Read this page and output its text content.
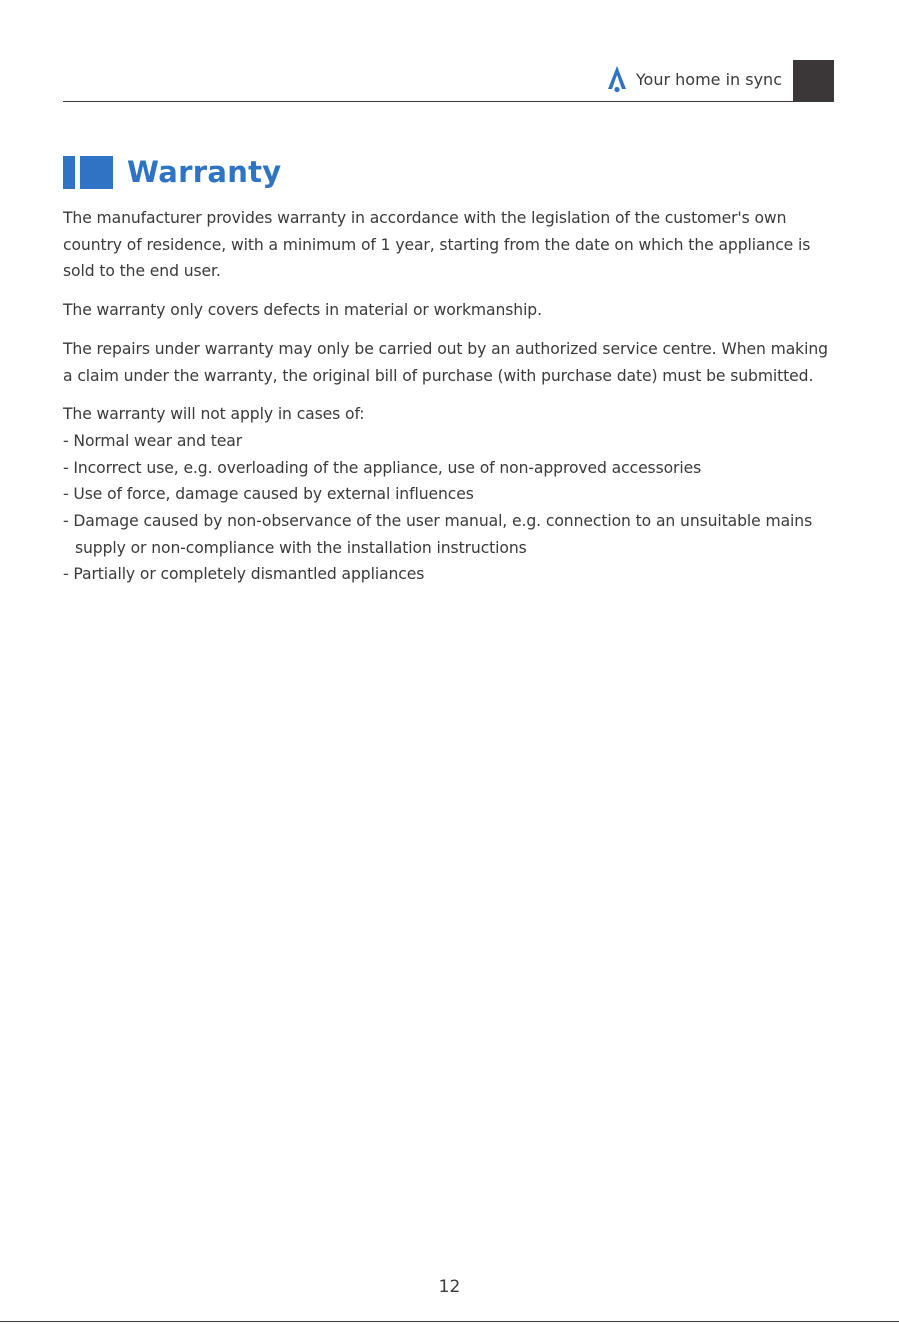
Your home in sync
Warranty

The manufacturer provides warranty in accordance with the legislation of the customer's own country of residence, with a minimum of 1 year, starting from the date on which the appliance is sold to the end user.

The warranty only covers defects in material or workmanship.

The repairs under warranty may only be carried out by an authorized service centre. When making a claim under the warranty, the original bill of purchase (with purchase date) must be submitted.

The warranty will not apply in cases of:
- Normal wear and tear
- Incorrect use, e.g. overloading of the appliance, use of non-approved accessories
- Use of force, damage caused by external influences
- Damage caused by non-observance of the user manual, e.g. connection to an unsuitable mains supply or non-compliance with the installation instructions
- Partially or completely dismantled appliances
12
